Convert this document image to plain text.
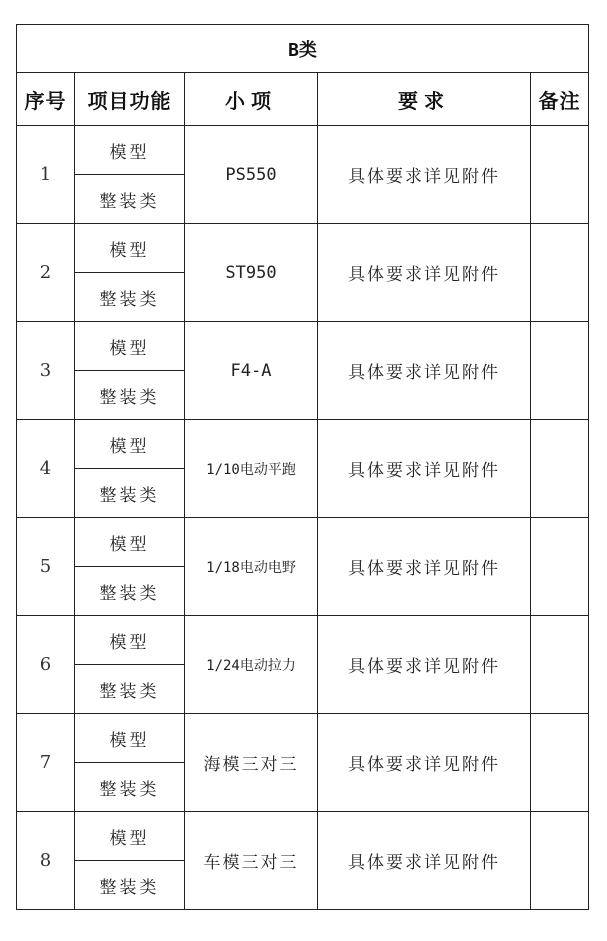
B类				
序号	项目功能	小项	要求	备注
1	模型	PS550	具体要求详见附件	
	整装类			
2	模型	ST950	具体要求详见附件	
	整装类			
3	模型	F4-A	具体要求详见附件	
	整装类			
4	模型	1/10电动平跑	具体要求详见附件	
	整装类			
5	模型	1/18电动电野	具体要求详见附件	
	整装类			
6	模型	1/24电动拉力	具体要求详见附件	
	整装类			
7	模型	海模三对三	具体要求详见附件	
	整装类			
8	模型	车模三对三	具体要求详见附件	
	整装类			
